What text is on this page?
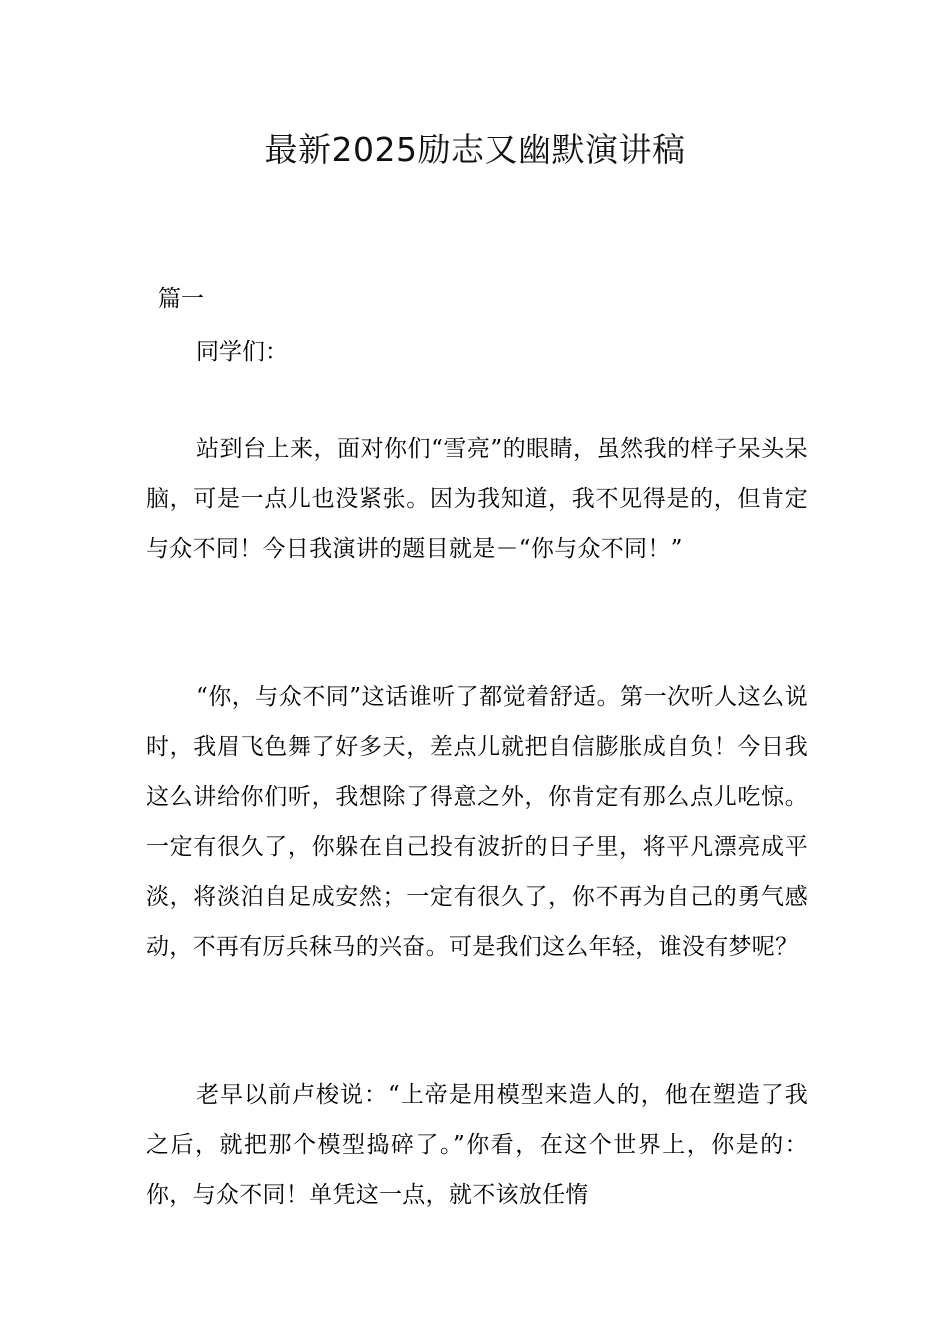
最新2025励志又幽默演讲稿

篇一

同学们：

站到台上来，面对你们“雪亮”的眼睛，虽然我的样子呆头呆脑，可是一点儿也没紧张。因为我知道，我不见得是的，但肯定与众不同！今日我演讲的题目就是－“你与众不同！”

“你，与众不同”这话谁听了都觉着舒适。第一次听人这么说时，我眉飞色舞了好多天，差点儿就把自信膨胀成自负！今日我这么讲给你们听，我想除了得意之外，你肯定有那么点儿吃惊。一定有很久了，你躲在自己投有波折的日子里，将平凡漂亮成平淡，将淡泊自足成安然；一定有很久了，你不再为自己的勇气感动，不再有厉兵秣马的兴奋。可是我们这么年轻，谁没有梦呢？

老早以前卢梭说：“上帝是用模型来造人的，他在塑造了我之后，就把那个模型捣碎了。”你看，在这个世界上，你是的：你，与众不同！单凭这一点，就不该放任惰
